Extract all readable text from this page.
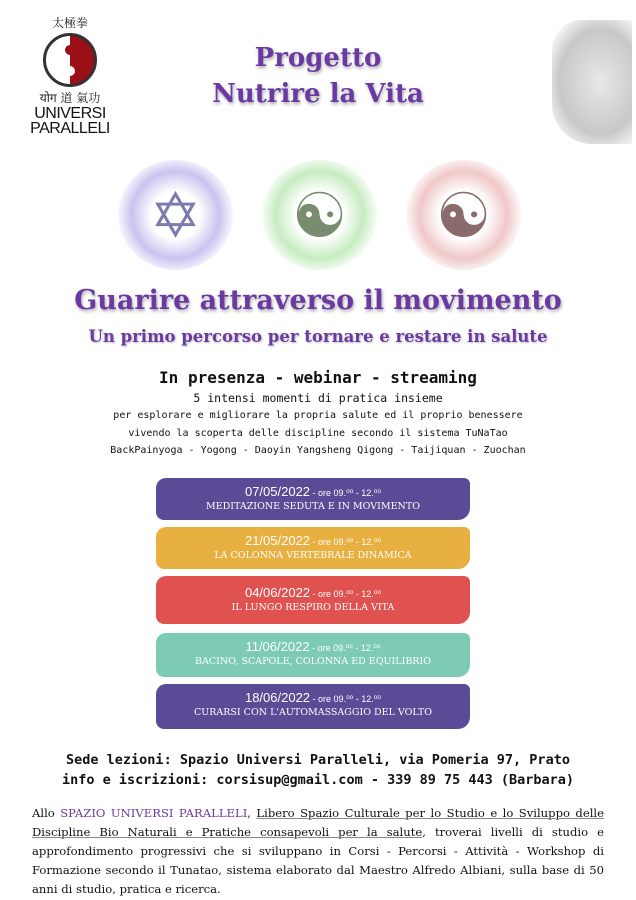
太極拳
योग 道 氣功
UNIVERSI
PARALLELI
Progetto
Nutrire la Vita
✡	☯	☯
Guarire attraverso il movimento
Un primo percorso per tornare e restare in salute
In presenza - webinar - streaming
5 intensi momenti di pratica insieme
per esplorare e migliorare la propria salute ed il proprio benessere
vivendo la scoperta delle discipline secondo il sistema TuNaTao
BackPainyoga - Yogong - Daoyin Yangsheng Qigong - Taijiquan - Zuochan
07/05/2022 - ore 09.⁰⁰ - 12.⁰⁰
MEDITAZIONE SEDUTA E IN MOVIMENTO
21/05/2022 - ore 09.⁰⁰ - 12.⁰⁰
LA COLONNA VERTEBRALE DINAMICA
04/06/2022 - ore 09.⁰⁰ - 12.⁰⁰
IL LUNGO RESPIRO DELLA VITA
11/06/2022 - ore 09.⁰⁰ - 12.⁰⁰
BACINO, SCAPOLE, COLONNA ED EQUILIBRIO
18/06/2022 - ore 09.⁰⁰ - 12.⁰⁰
CURARSI CON L'AUTOMASSAGGIO DEL VOLTO
Sede lezioni: Spazio Universi Paralleli, via Pomeria 97, Prato
info e iscrizioni: corsisup@gmail.com - 339 89 75 443 (Barbara)
Allo SPAZIO UNIVERSI PARALLELI, Libero Spazio Culturale per lo Studio e lo Sviluppo delle Discipline Bio Naturali e Pratiche consapevoli per la salute, troverai livelli di studio e approfondimento progressivi che si sviluppano in Corsi - Percorsi - Attività - Workshop di Formazione secondo il Tunatao, sistema elaborato dal Maestro Alfredo Albiani, sulla base di 50 anni di studio, pratica e ricerca.
